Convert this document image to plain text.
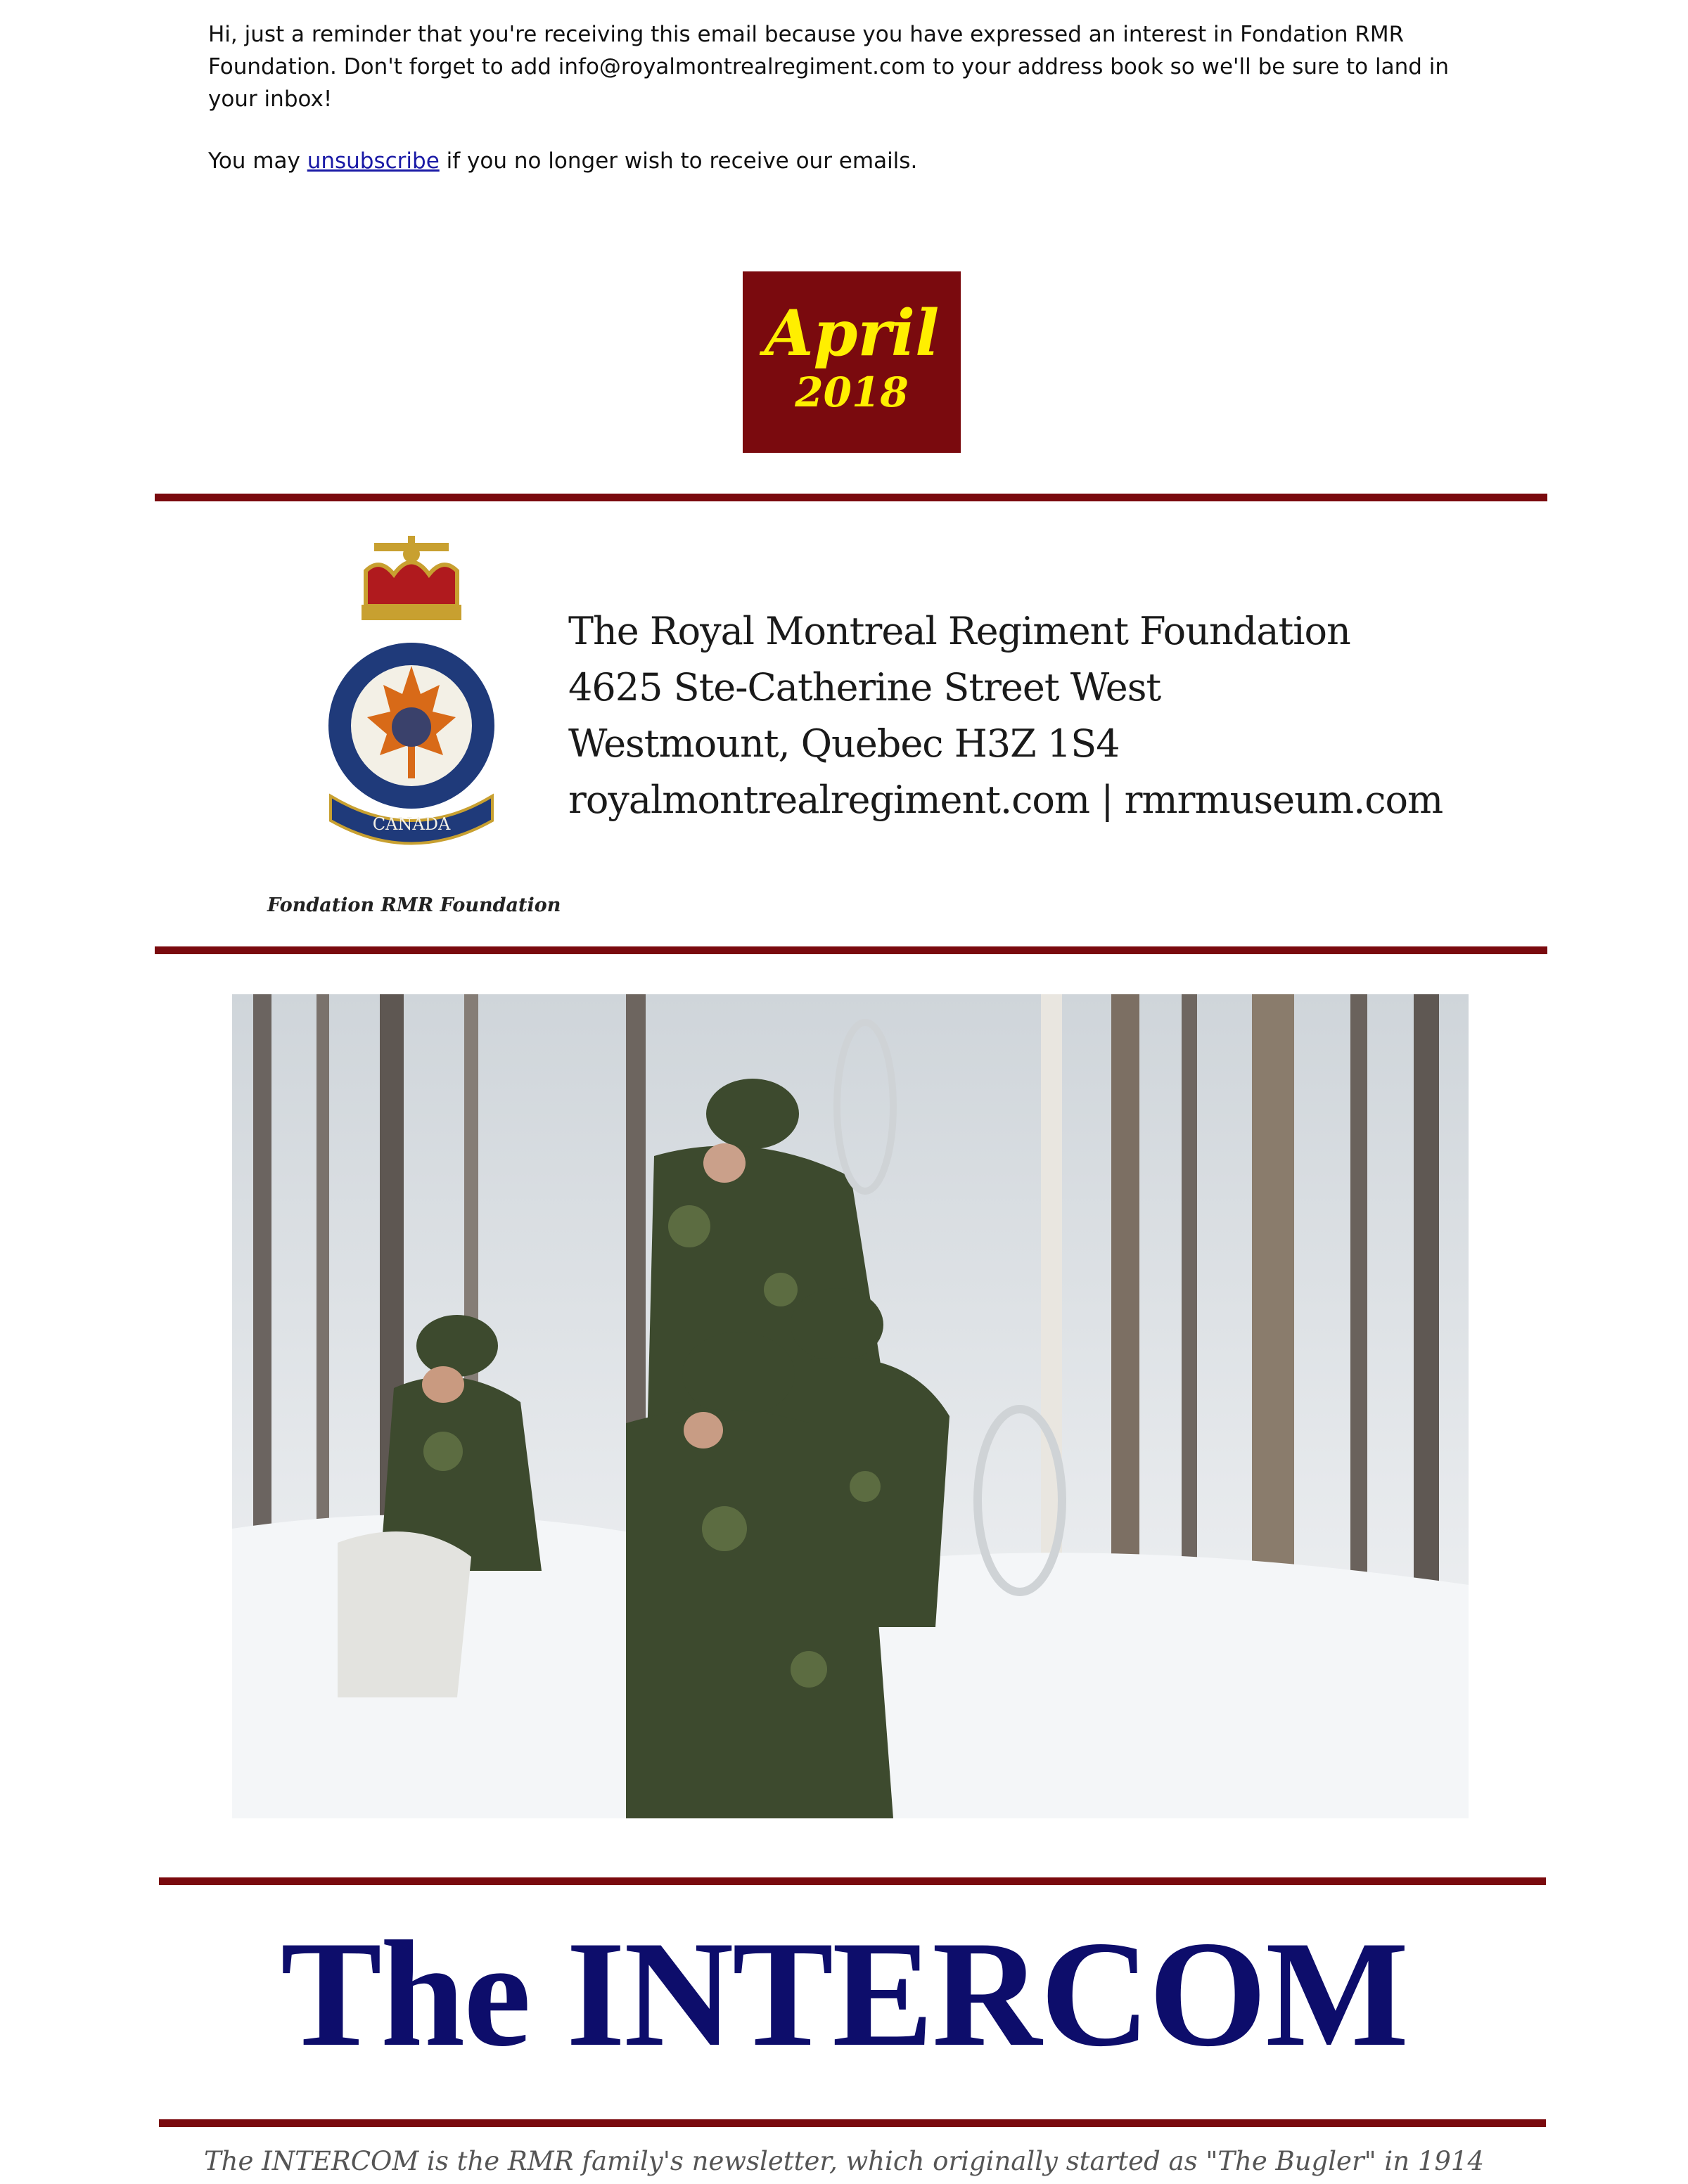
Hi, just a reminder that you're receiving this email because you have expressed an interest in Fondation RMR Foundation. Don't forget to add info@royalmontrealregiment.com to your address book so we'll be sure to land in your inbox!

You may unsubscribe if you no longer wish to receive our emails.

April
2018
CANADA
Fondation RMR Foundation
The Royal Montreal Regiment Foundation
4625 Ste-Catherine Street West
Westmount, Quebec H3Z 1S4
royalmontrealregiment.com | rmrmuseum.com
The INTERCOM
The INTERCOM is the RMR family's newsletter, which originally started as "The Bugler" in 1914
